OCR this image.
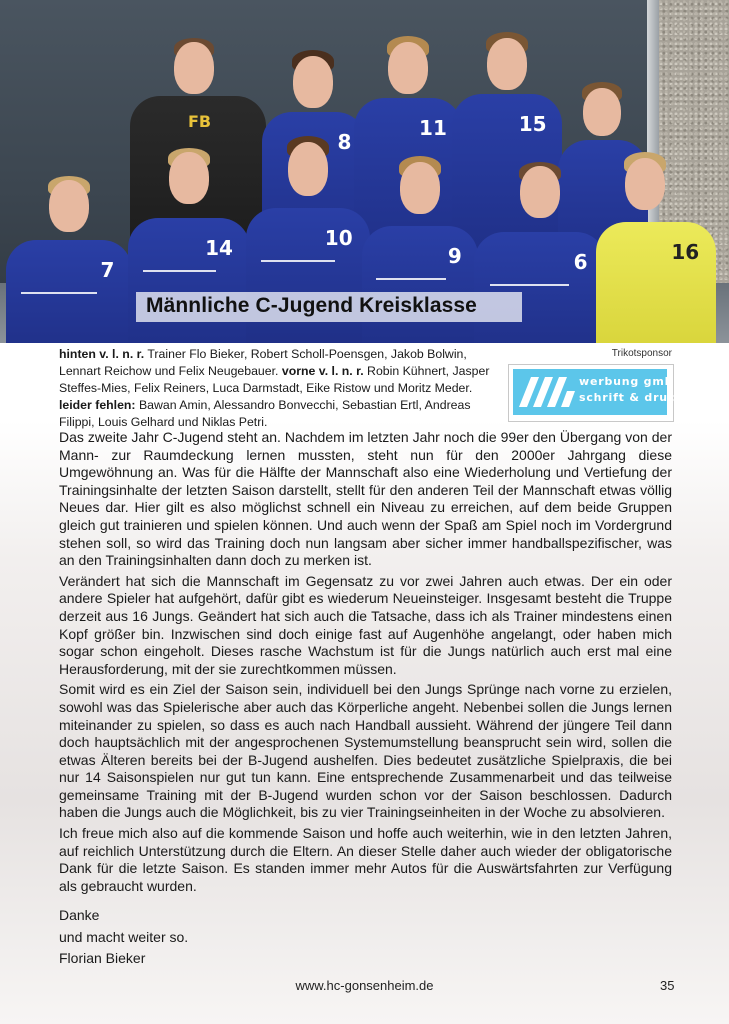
FB
8
11	15
7
14	10
9	6	16
Männliche C-Jugend Kreisklasse
hinten v. l. n. r. Trainer Flo Bieker, Robert Scholl-Poensgen, Jakob Bolwin, Lennart Reichow und Felix Neugebauer. vorne v. l. n. r. Robin Kühnert, Jasper Steffes-Mies, Felix Reiners, Luca Darmstadt, Eike Ristow und Moritz Meder. leider fehlen: Bawan Amin, Alessandro Bonvecchi, Sebastian Ertl, Andreas Filippi, Louis Gelhard und Niklas Petri.
Trikotsponsor
werbung gmbh
schrift & druck

Das zweite Jahr C-Jugend steht an. Nachdem im letzten Jahr noch die 99er den Übergang von der Mann- zur Raumdeckung lernen mussten, steht nun für den 2000er Jahrgang diese Umgewöhnung an. Was für die Hälfte der Mannschaft also eine Wiederholung und Vertiefung der Trainingsinhalte der letzten Saison darstellt, stellt für den anderen Teil der Mannschaft etwas völlig Neues dar. Hier gilt es also möglichst schnell ein Niveau zu erreichen, auf dem beide Gruppen gleich gut trainieren und spielen können. Und auch wenn der Spaß am Spiel noch im Vordergrund stehen soll, so wird das Training doch nun langsam aber sicher immer handballspezifischer, was an den Trainingsinhalten dann doch zu merken ist.

Verändert hat sich die Mannschaft im Gegensatz zu vor zwei Jahren auch etwas. Der ein oder andere Spieler hat aufgehört, dafür gibt es wiederum Neueinsteiger. Insgesamt besteht die Truppe derzeit aus 16 Jungs. Geändert hat sich auch die Tatsache, dass ich als Trainer mindestens einen Kopf größer bin. Inzwischen sind doch einige fast auf Augenhöhe angelangt, oder haben mich sogar schon eingeholt. Dieses rasche Wachstum ist für die Jungs natürlich auch erst mal eine Herausforderung, mit der sie zurechtkommen müssen.

Somit wird es ein Ziel der Saison sein, individuell bei den Jungs Sprünge nach vorne zu erzielen, sowohl was das Spielerische aber auch das Körperliche angeht. Nebenbei sollen die Jungs lernen miteinander zu spielen, so dass es auch nach Handball aussieht. Während der jüngere Teil dann doch hauptsächlich mit der angesprochenen Systemumstellung beansprucht sein wird, sollen die etwas Älteren bereits bei der B-Jugend aushelfen. Dies bedeutet zusätzliche Spielpraxis, die bei nur 14 Saisonspielen nur gut tun kann. Eine entsprechende Zusammenarbeit und das teilweise gemeinsame Training mit der B-Jugend wurden schon vor der Saison beschlossen. Dadurch haben die Jungs auch die Möglichkeit, bis zu vier Trainingseinheiten in der Woche zu absolvieren.

Ich freue mich also auf die kommende Saison und hoffe auch weiterhin, wie in den letzten Jahren, auf reichlich Unterstützung durch die Eltern. An dieser Stelle daher auch wieder der obligatorische Dank für die letzte Saison. Es standen immer mehr Autos für die Auswärtsfahrten zur Verfügung als gebraucht wurden.

Danke
und macht weiter so.
Florian Bieker
www.hc-gonsenheim.de	35
